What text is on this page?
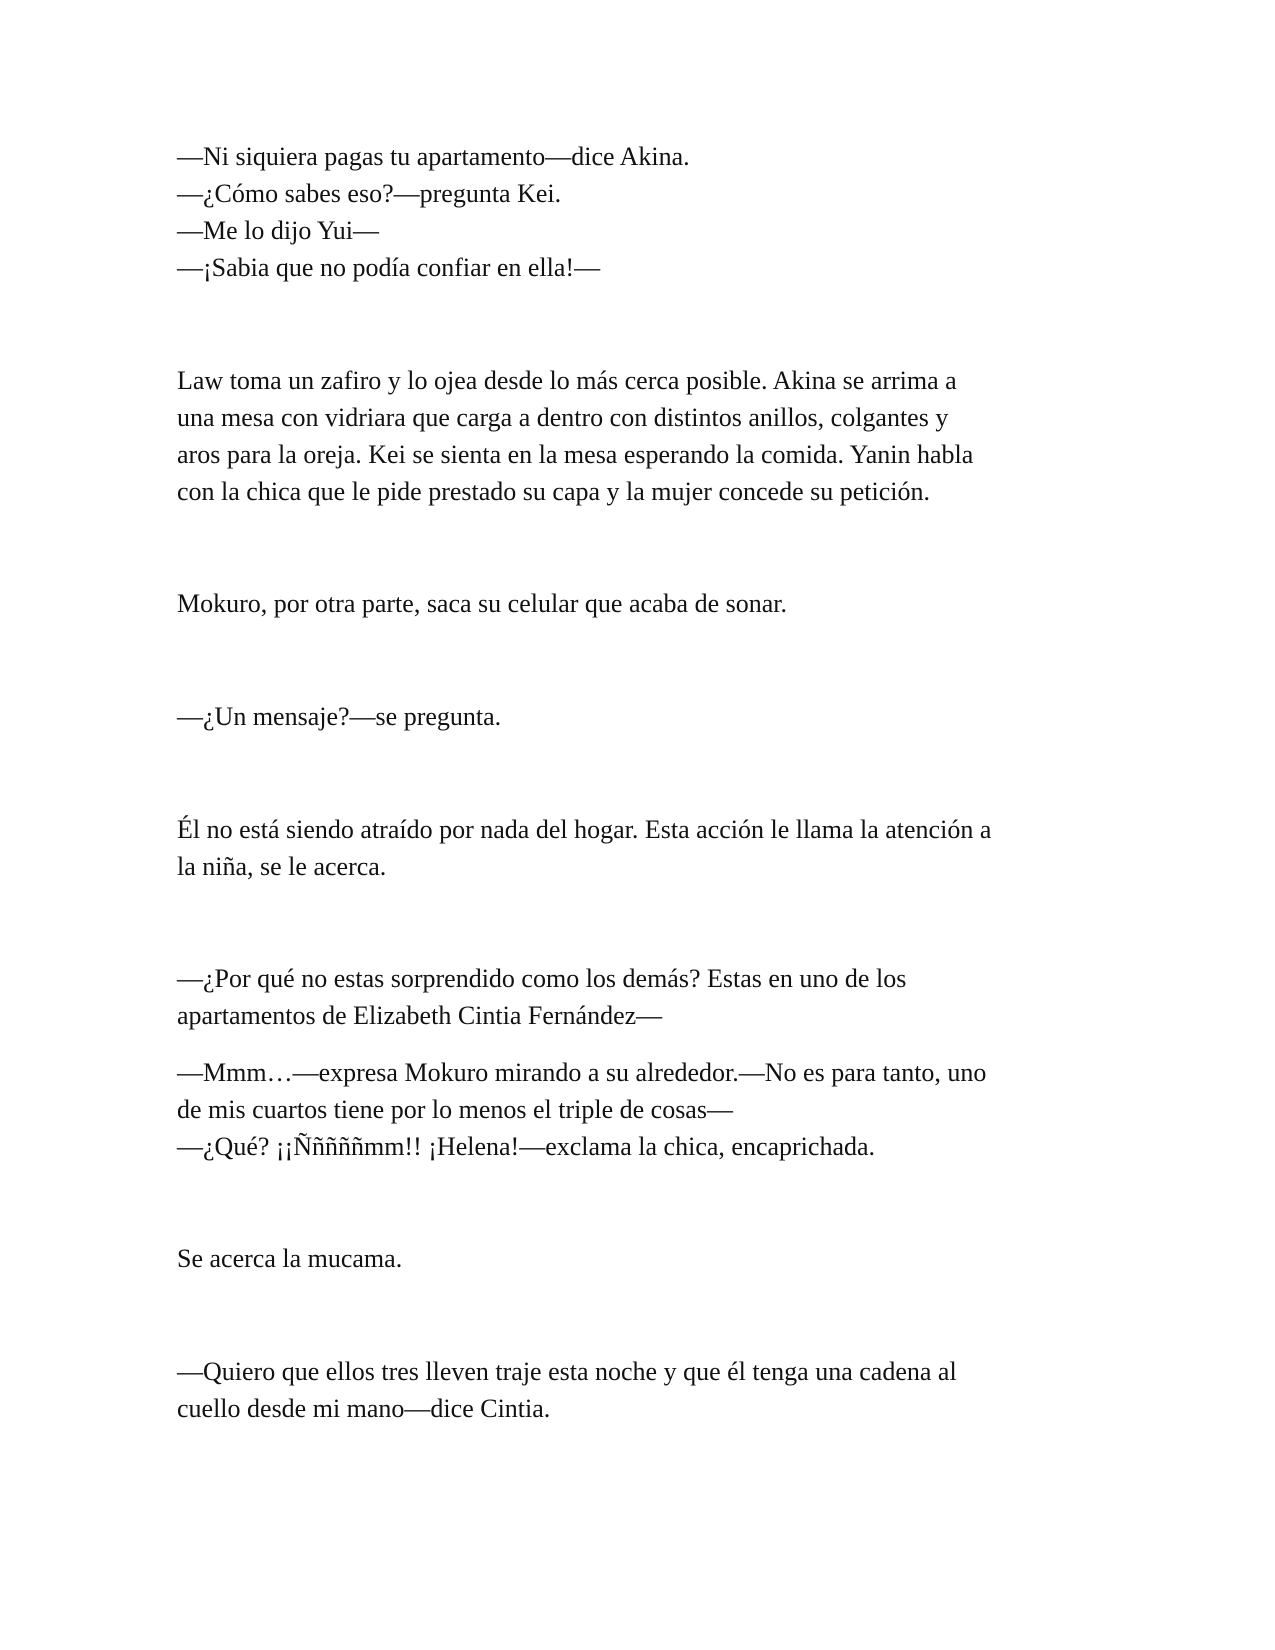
—Ni siquiera pagas tu apartamento—dice Akina.
—¿Cómo sabes eso?—pregunta Kei.
—Me lo dijo Yui—
—¡Sabia que no podía confiar en ella!—
Law toma un zafiro y lo ojea desde lo más cerca posible. Akina se arrima a
una mesa con vidriara que carga a dentro con distintos anillos, colgantes y
aros para la oreja. Kei se sienta en la mesa esperando la comida. Yanin habla
con la chica que le pide prestado su capa y la mujer concede su petición.
Mokuro, por otra parte, saca su celular que acaba de sonar.
—¿Un mensaje?—se pregunta.
Él no está siendo atraído por nada del hogar. Esta acción le llama la atención a
la niña, se le acerca.
—¿Por qué no estas sorprendido como los demás? Estas en uno de los
apartamentos de Elizabeth Cintia Fernández—
—Mmm…—expresa Mokuro mirando a su alrededor.—No es para tanto, uno
de mis cuartos tiene por lo menos el triple de cosas—
—¿Qué? ¡¡Ñññññmm!! ¡Helena!—exclama la chica, encaprichada.
Se acerca la mucama.
—Quiero que ellos tres lleven traje esta noche y que él tenga una cadena al
cuello desde mi mano—dice Cintia.
